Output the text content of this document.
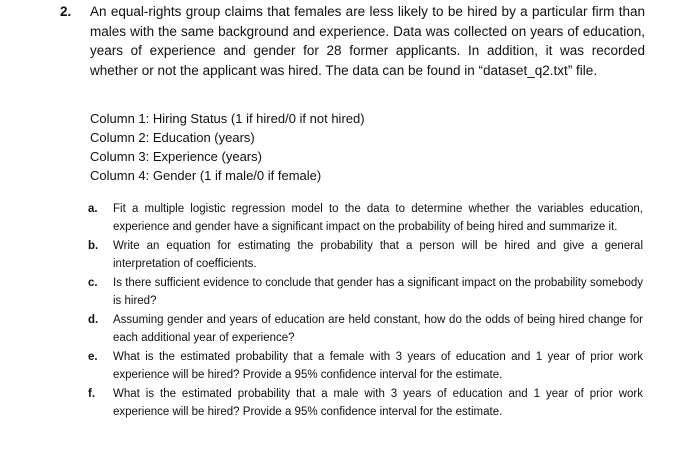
2. An equal-rights group claims that females are less likely to be hired by a particular firm than males with the same background and experience. Data was collected on years of education, years of experience and gender for 28 former applicants. In addition, it was recorded whether or not the applicant was hired. The data can be found in “dataset_q2.txt” file.
Column 1: Hiring Status (1 if hired/0 if not hired)
Column 2: Education (years)
Column 3: Experience (years)
Column 4: Gender (1 if male/0 if female)
a. Fit a multiple logistic regression model to the data to determine whether the variables education, experience and gender have a significant impact on the probability of being hired and summarize it.
b. Write an equation for estimating the probability that a person will be hired and give a general interpretation of coefficients.
c. Is there sufficient evidence to conclude that gender has a significant impact on the probability somebody is hired?
d. Assuming gender and years of education are held constant, how do the odds of being hired change for each additional year of experience?
e. What is the estimated probability that a female with 3 years of education and 1 year of prior work experience will be hired? Provide a 95% confidence interval for the estimate.
f. What is the estimated probability that a male with 3 years of education and 1 year of prior work experience will be hired? Provide a 95% confidence interval for the estimate.
